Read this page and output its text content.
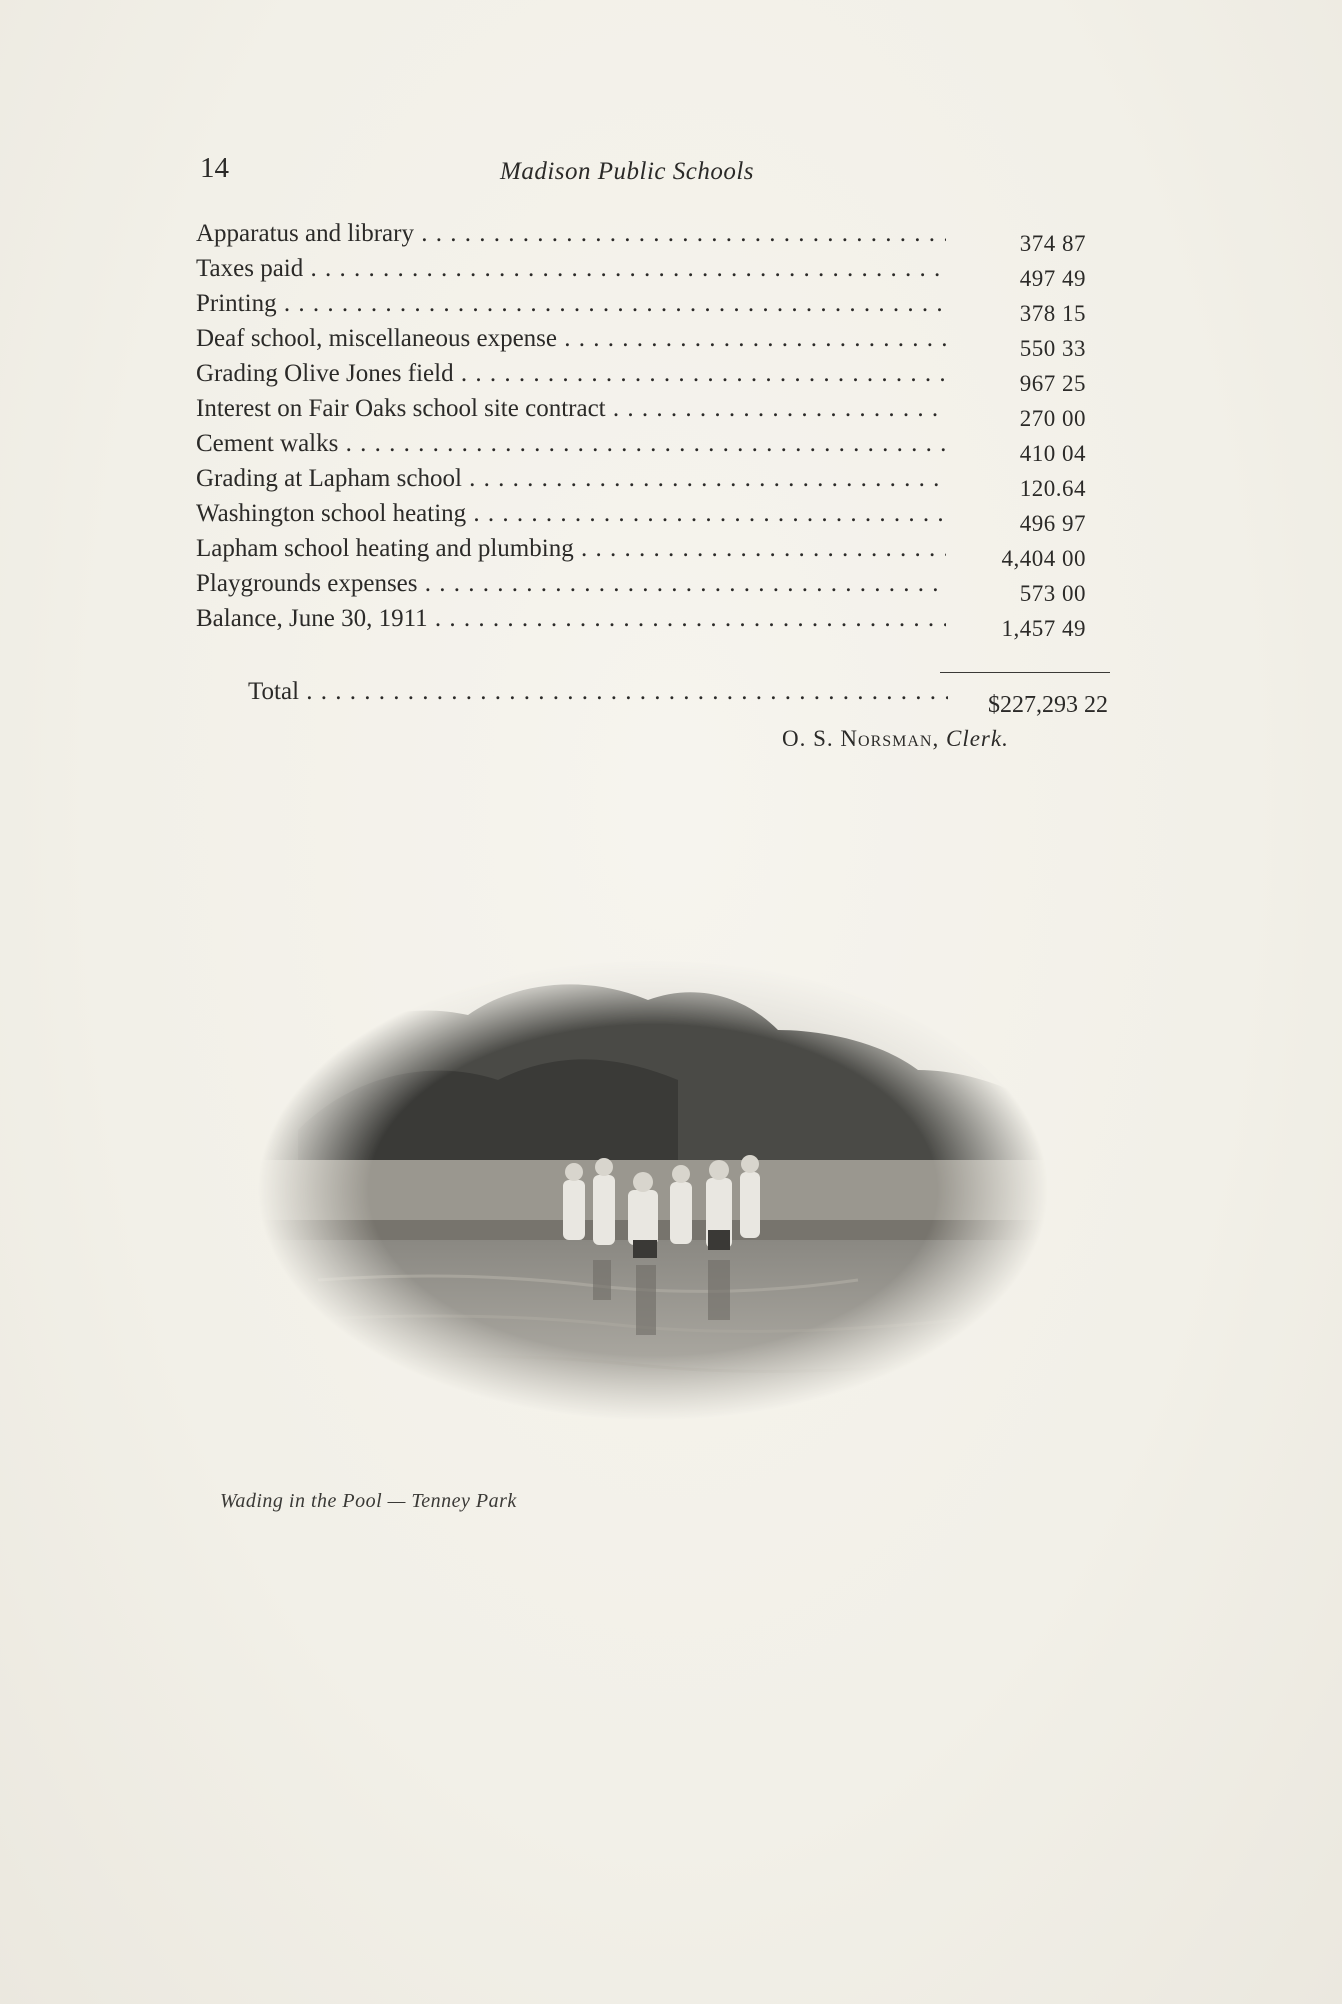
14	Madison Public Schools
Apparatus and library . . .	374 87
Taxes paid . . .	497 49
Printing . . .	378 15
Deaf school, miscellaneous expense . . .	550 33
Grading Olive Jones field . . .	967 25
Interest on Fair Oaks school site contract . . .	270 00
Cement walks . . .	410 04
Grading at Lapham school . . .	120.64
Washington school heating . . .	496 97
Lapham school heating and plumbing . . .	4,404 00
Playgrounds expenses . . .	573 00
Balance, June 30, 1911 . . .	1,457 49
Total . . .	$227,293 22
O. S. Norsman, Clerk.
Wading in the Pool — Tenney Park
